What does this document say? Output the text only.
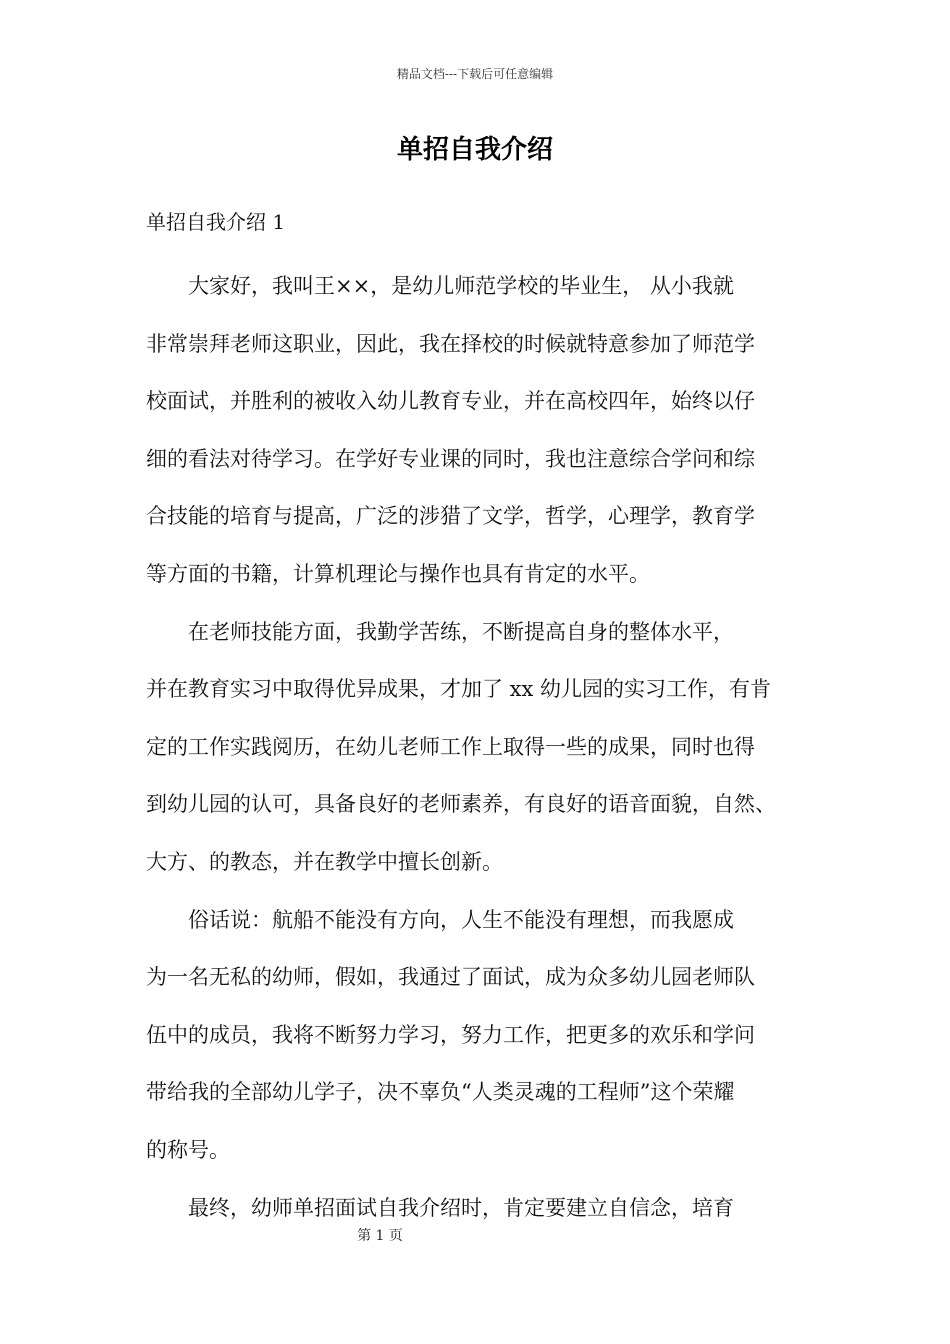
精品文档---下载后可任意编辑
单招自我介绍
单招自我介绍 1
大家好，我叫王××，是幼儿师范学校的毕业生， 从小我就
非常崇拜老师这职业，因此，我在择校的时候就特意参加了师范学
校面试，并胜利的被收入幼儿教育专业，并在高校四年，始终以仔
细的看法对待学习。在学好专业课的同时，我也注意综合学问和综
合技能的培育与提高，广泛的涉猎了文学，哲学，心理学，教育学
等方面的书籍，计算机理论与操作也具有肯定的水平。
在老师技能方面，我勤学苦练，不断提高自身的整体水平，
并在教育实习中取得优异成果，才加了 xx 幼儿园的实习工作，有肯
定的工作实践阅历，在幼儿老师工作上取得一些的成果，同时也得
到幼儿园的认可，具备良好的老师素养，有良好的语音面貌，自然、
大方、的教态，并在教学中擅长创新。
俗话说：航船不能没有方向，人生不能没有理想，而我愿成
为一名无私的幼师，假如，我通过了面试，成为众多幼儿园老师队
伍中的成员，我将不断努力学习，努力工作，把更多的欢乐和学问
带给我的全部幼儿学子，决不辜负“人类灵魂的工程师”这个荣耀
的称号。
最终，幼师单招面试自我介绍时，肯定要建立自信念，培育
第 1 页
